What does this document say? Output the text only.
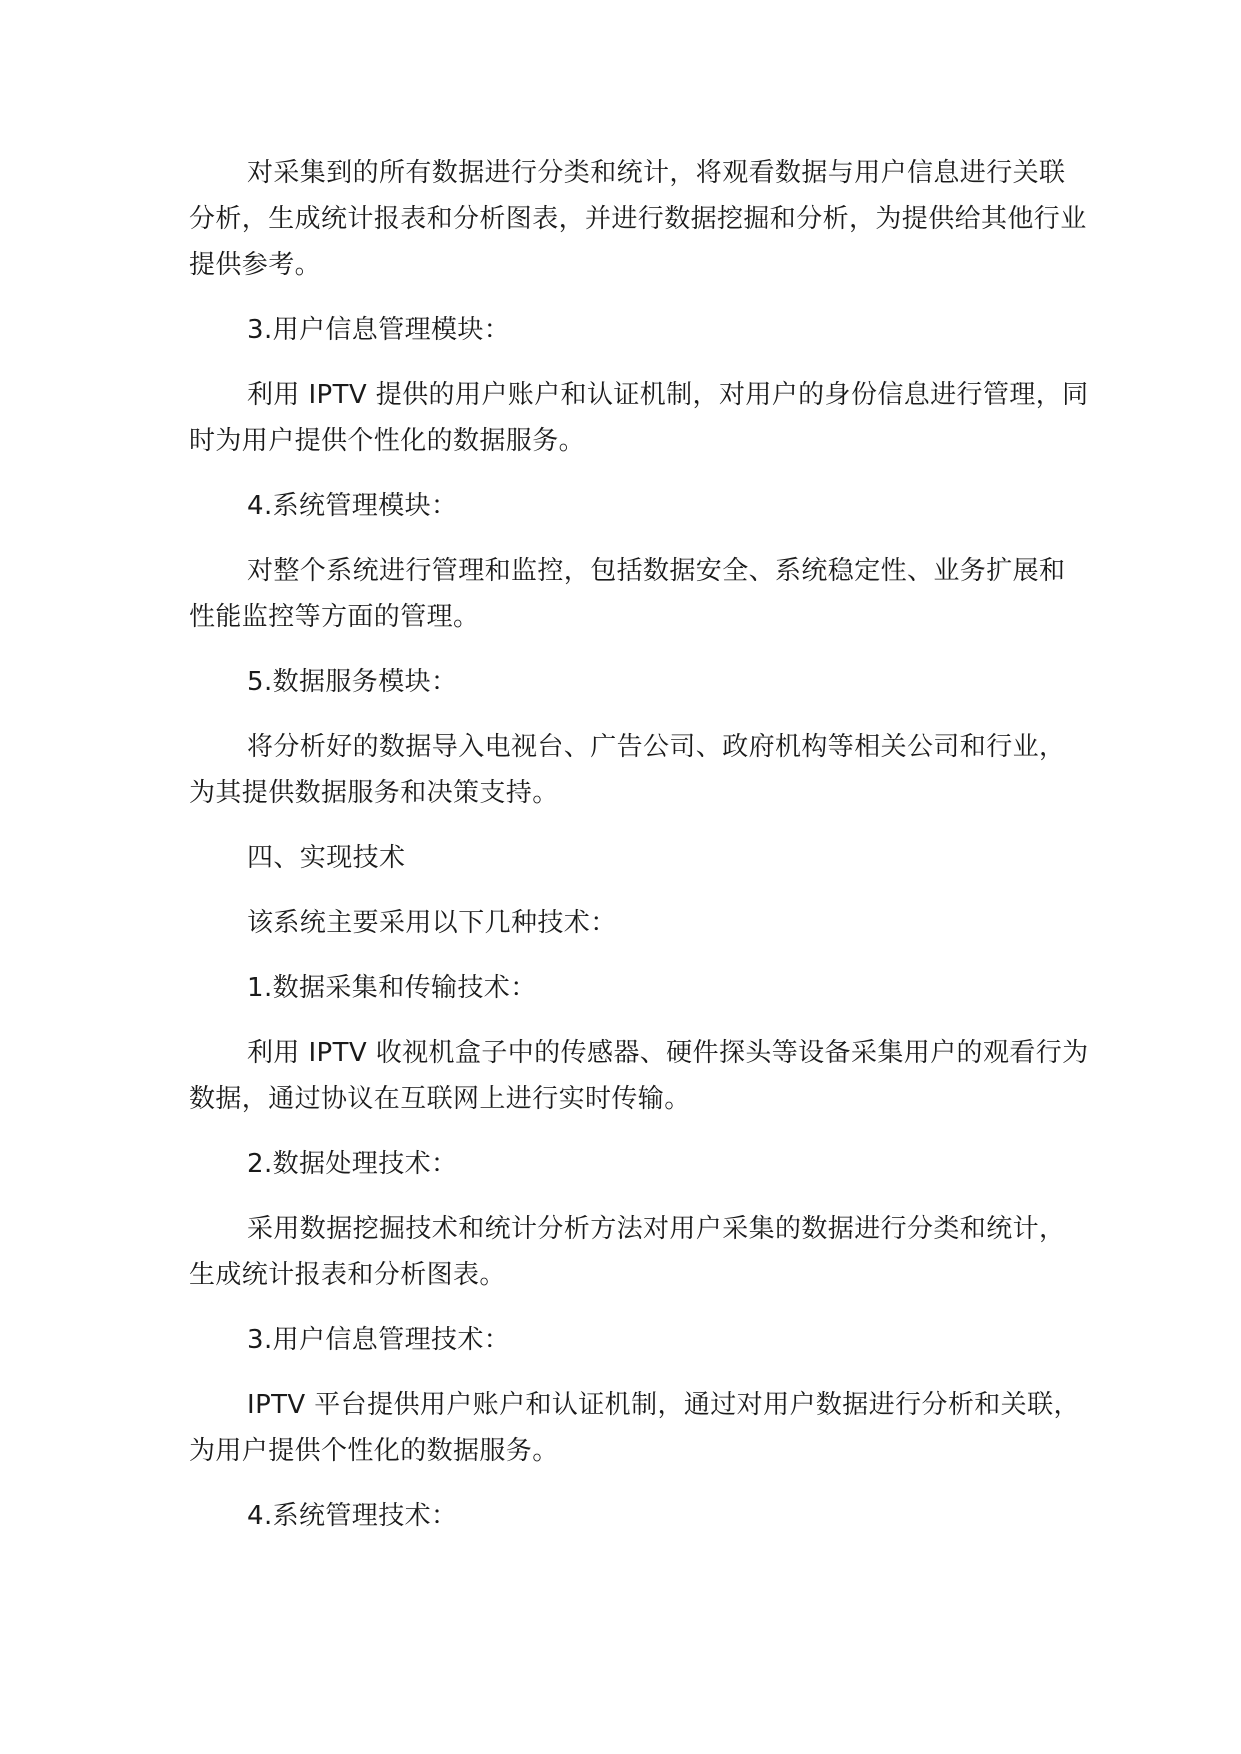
对采集到的所有数据进行分类和统计，将观看数据与用户信息进行关联分析，生成统计报表和分析图表，并进行数据挖掘和分析，为提供给其他行业提供参考。

3.用户信息管理模块：

利用 IPTV 提供的用户账户和认证机制，对用户的身份信息进行管理，同时为用户提供个性化的数据服务。

4.系统管理模块：

对整个系统进行管理和监控，包括数据安全、系统稳定性、业务扩展和性能监控等方面的管理。

5.数据服务模块：

将分析好的数据导入电视台、广告公司、政府机构等相关公司和行业，为其提供数据服务和决策支持。

四、实现技术

该系统主要采用以下几种技术：

1.数据采集和传输技术：

利用 IPTV 收视机盒子中的传感器、硬件探头等设备采集用户的观看行为数据，通过协议在互联网上进行实时传输。

2.数据处理技术：

采用数据挖掘技术和统计分析方法对用户采集的数据进行分类和统计，生成统计报表和分析图表。

3.用户信息管理技术：

IPTV 平台提供用户账户和认证机制，通过对用户数据进行分析和关联，为用户提供个性化的数据服务。

4.系统管理技术：
